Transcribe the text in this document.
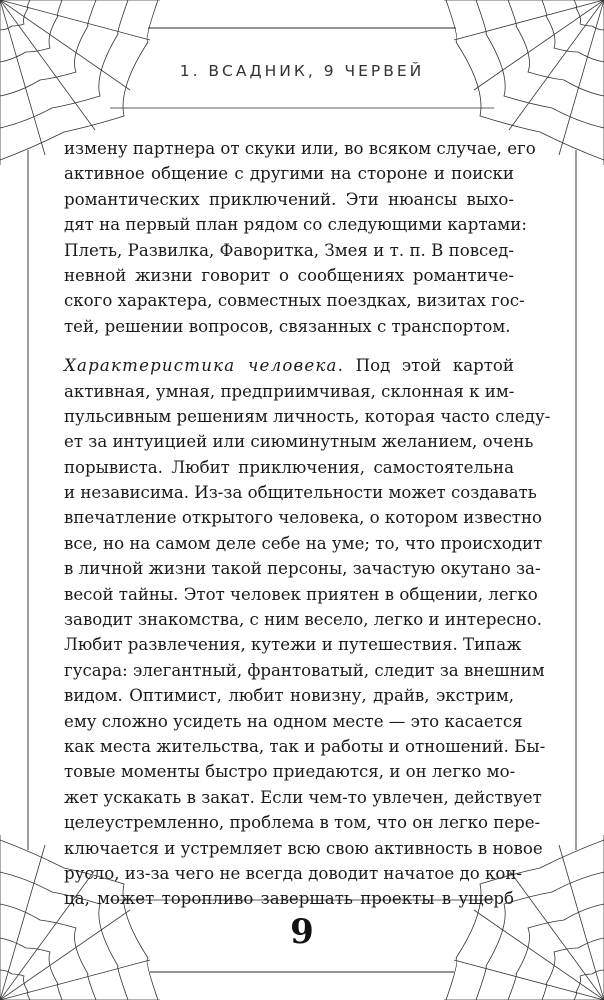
1. ВСАДНИК, 9 ЧЕРВЕЙ

измену партнера от скуки или, во всяком случае, его
активное общение с другими на стороне и поиски
романтических приключений. Эти нюансы выхо-
дят на первый план рядом со следующими картами:
Плеть, Развилка, Фаворитка, Змея и т. п. В повсед-
невной жизни говорит о сообщениях романтиче-
ского характера, совместных поездках, визитах гос-
тей, решении вопросов, связанных с транспортом.

Характеристика человека. Под этой картой
активная, умная, предприимчивая, склонная к им-
пульсивным решениям личность, которая часто следу-
ет за интуицией или сиюминутным желанием, очень
порывиста. Любит приключения, самостоятельна
и независима. Из-за общительности может создавать
впечатление открытого человека, о котором известно
все, но на самом деле себе на уме; то, что происходит
в личной жизни такой персоны, зачастую окутано за-
весой тайны. Этот человек приятен в общении, легко
заводит знакомства, с ним весело, легко и интересно.
Любит развлечения, кутежи и путешествия. Типаж
гусара: элегантный, франтоватый, следит за внешним
видом. Оптимист, любит новизну, драйв, экстрим,
ему сложно усидеть на одном месте — это касается
как места жительства, так и работы и отношений. Бы-
товые моменты быстро приедаются, и он легко мо-
жет ускакать в закат. Если чем-то увлечен, действует
целеустремленно, проблема в том, что он легко пере-
ключается и устремляет всю свою активность в новое
русло, из-за чего не всегда доводит начатое до кон-
ца, может торопливо завершать проекты в ущерб

9
